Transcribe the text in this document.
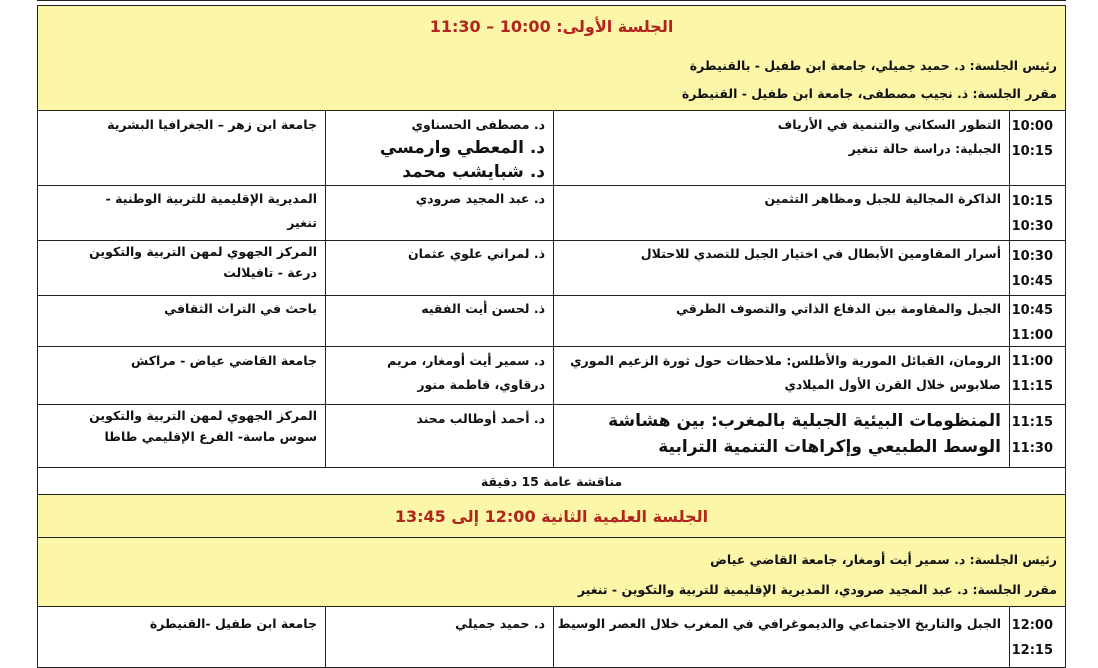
الجلسة الأولى: 10:00 – 11:30
رئيس الجلسة: د. حميد جميلي، جامعة ابن طفيل - بالقنيطرة
مقرر الجلسة: ذ. نجيب مصطفى، جامعة ابن طفيل - القنيطرة
10:00
10:15
التطور السكاني والتنمية في الأرياف
الجبلية: دراسة حالة تنغير
د. مصطفى الحسناوي
د. المعطي وارمسي
د. شبايشب محمد
جامعة ابن زهر – الجغرافيا البشرية
10:15
10:30
الذاكرة المجالية للجبل ومظاهر التثمين
د. عبد المجيد صرودي
المديرية الإقليمية للتربية الوطنية -
تنغير
10:30
10:45
أسرار المقاومين الأبطال في اختيار الجبل للتصدي للاحتلال
ذ. لمراني علوي عثمان
المركز الجهوي لمهن التربية والتكوين
درعة - تافيلالت
10:45
11:00
الجبل والمقاومة بين الدفاع الذاتي والتصوف الطرقي
ذ. لحسن أيت الفقيه
باحث في التراث الثقافي
11:00
11:15
الرومان، القبائل المورية والأطلس: ملاحظات حول ثورة الزعيم الموري
صلابوس خلال القرن الأول الميلادي
د. سمير أيت أومغار، مريم
درقاوي، فاطمة منور
جامعة القاضي عياض - مراكش
11:15
11:30
المنظومات البيئية الجبلية بالمغرب: بين هشاشة
الوسط الطبيعي وإكراهات التنمية الترابية
د. أحمد أوطالب محند
المركز الجهوي لمهن التربية والتكوين
سوس ماسة- الفرع الإقليمي طاطا
مناقشة عامة 15 دقيقة
الجلسة العلمية الثانية 12:00 إلى 13:45
رئيس الجلسة: د. سمير أيت أومغار، جامعة القاضي عياض
مقرر الجلسة: د. عبد المجيد صرودي، المديرية الإقليمية للتربية والتكوين - تنغير
12:00
12:15
الجبل والتاريخ الاجتماعي والديموغرافي في المغرب خلال العصر الوسيط
د. حميد جميلي
جامعة ابن طفيل -القنيطرة
